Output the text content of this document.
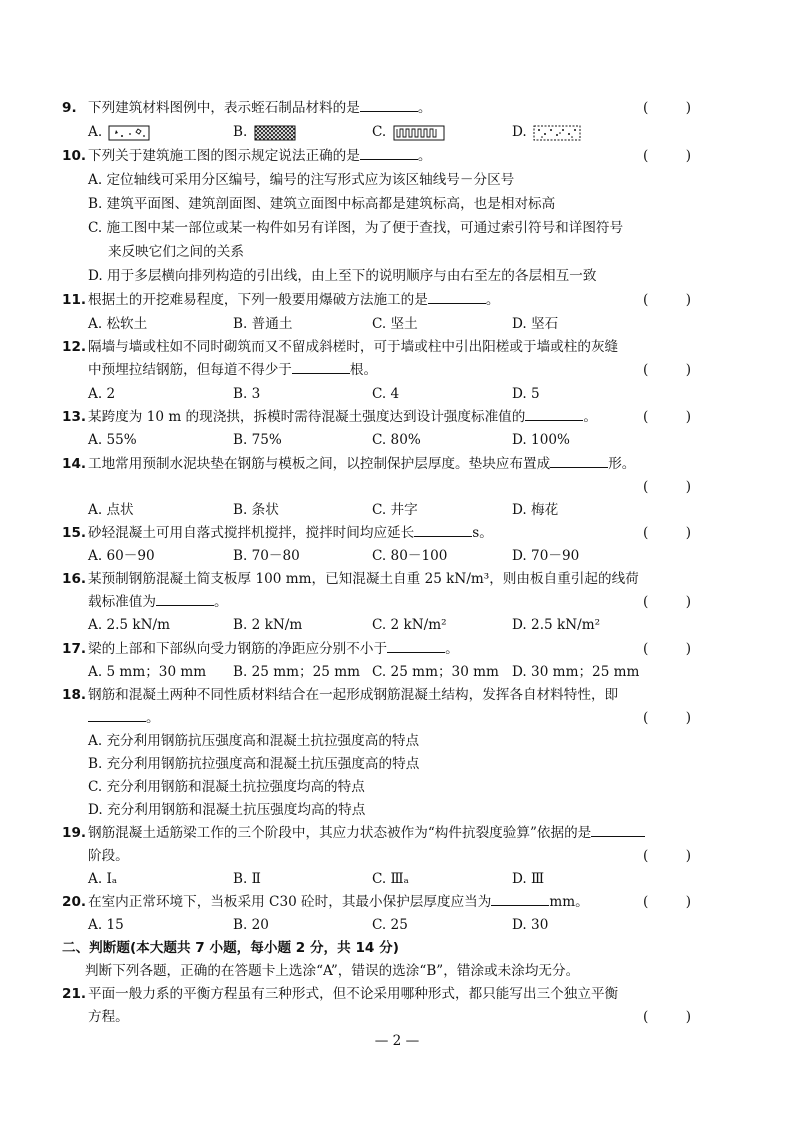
9. 下列建筑材料图例中，表示蛭石制品材料的是	。	(	)
A.	B.	C.	D.
10. 下列关于建筑施工图的图示规定说法正确的是	。	(	)
A. 定位轴线可采用分区编号，编号的注写形式应为该区轴线号－分区号
B. 建筑平面图、建筑剖面图、建筑立面图中标高都是建筑标高，也是相对标高
C. 施工图中某一部位或某一构件如另有详图，为了便于查找，可通过索引符号和详图符号
来反映它们之间的关系
D. 用于多层横向排列构造的引出线，由上至下的说明顺序与由右至左的各层相互一致
11. 根据土的开挖难易程度，下列一般要用爆破方法施工的是	。	(	)
A. 松软土	B. 普通土	C. 坚土	D. 坚石
12. 隔墙与墙或柱如不同时砌筑而又不留成斜槎时，可于墙或柱中引出阳槎或于墙或柱的灰缝
中预埋拉结钢筋，但每道不得少于	根。	(	)
A. 2	B. 3	C. 4	D. 5
13. 某跨度为 10 m 的现浇拱，拆模时需待混凝土强度达到设计强度标准值的	。	(	)
A. 55%	B. 75%	C. 80%	D. 100%
14. 工地常用预制水泥块垫在钢筋与模板之间，以控制保护层厚度。垫块应布置成	形。
(	)
A. 点状	B. 条状	C. 井字	D. 梅花
15. 砂轻混凝土可用自落式搅拌机搅拌，搅拌时间均应延长	s。	(	)
A. 60－90	B. 70－80	C. 80－100	D. 70－90
16. 某预制钢筋混凝土简支板厚 100 mm，已知混凝土自重 25 kN/m³，则由板自重引起的线荷
载标准值为	。	(	)
A. 2.5 kN/m	B. 2 kN/m	C. 2 kN/m²	D. 2.5 kN/m²
17. 梁的上部和下部纵向受力钢筋的净距应分别不小于	。	(	)
A. 5 mm；30 mm B. 25 mm；25 mm C. 25 mm；30 mm D. 30 mm；25 mm
18. 钢筋和混凝土两种不同性质材料结合在一起形成钢筋混凝土结构，发挥各自材料特性，即
。	(	)
A. 充分利用钢筋抗压强度高和混凝土抗拉强度高的特点
B. 充分利用钢筋抗拉强度高和混凝土抗压强度高的特点
C. 充分利用钢筋和混凝土抗拉强度均高的特点
D. 充分利用钢筋和混凝土抗压强度均高的特点
19. 钢筋混凝土适筋梁工作的三个阶段中，其应力状态被作为“构件抗裂度验算”依据的是
阶段。	(	)
A. Ⅰₐ	B. Ⅱ	C. Ⅲₐ	D. Ⅲ
20. 在室内正常环境下，当板采用 C30 砼时，其最小保护层厚度应当为	mm。	(	)
A. 15	B. 20	C. 25	D. 30
二、判断题(本大题共 7 小题，每小题 2 分，共 14 分)
判断下列各题，正确的在答题卡上选涂“A”，错误的选涂“B”，错涂或未涂均无分。
21. 平面一般力系的平衡方程虽有三种形式，但不论采用哪种形式，都只能写出三个独立平衡
方程。	(	)
— 2 —
